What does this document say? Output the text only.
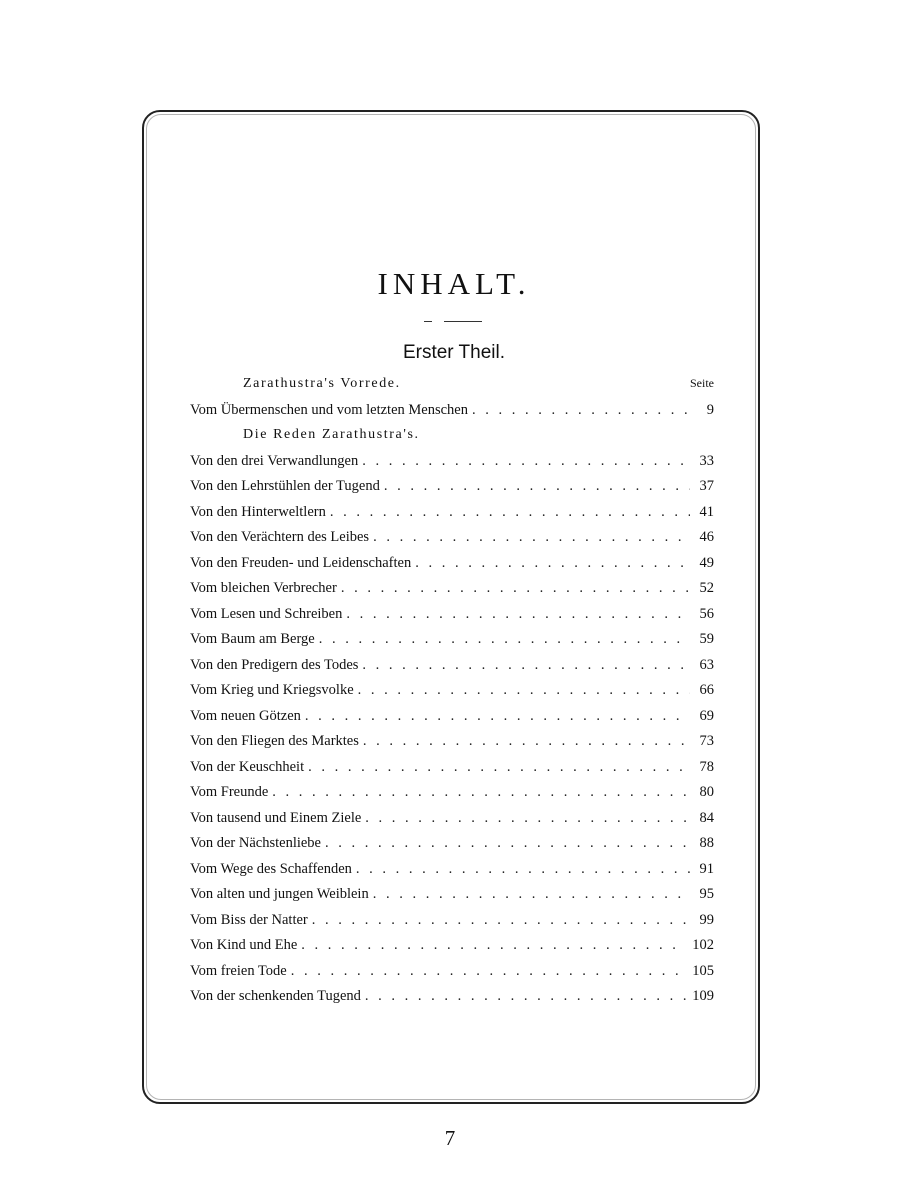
INHALT.
Erster Theil.
Zarathustra's Vorrede.	Seite
Vom Übermenschen und vom letzten Menschen . . .	9
Die Reden Zarathustra's.
Von den drei Verwandlungen . . .	33
Von den Lehrstühlen der Tugend . . .	37
Von den Hinterweltlern . . .	41
Von den Verächtern des Leibes . . .	46
Von den Freuden- und Leidenschaften . . .	49
Vom bleichen Verbrecher . . .	52
Vom Lesen und Schreiben . . .	56
Vom Baum am Berge . . .	59
Von den Predigern des Todes . . .	63
Vom Krieg und Kriegsvolke . . .	66
Vom neuen Götzen . . .	69
Von den Fliegen des Marktes . . .	73
Von der Keuschheit . . .	78
Vom Freunde . . .	80
Von tausend und Einem Ziele . . .	84
Von der Nächstenliebe . . .	88
Vom Wege des Schaffenden . . .	91
Von alten und jungen Weiblein . . .	95
Vom Biss der Natter . . .	99
Von Kind und Ehe . . .	102
Vom freien Tode . . .	105
Von der schenkenden Tugend . . .	109
7
